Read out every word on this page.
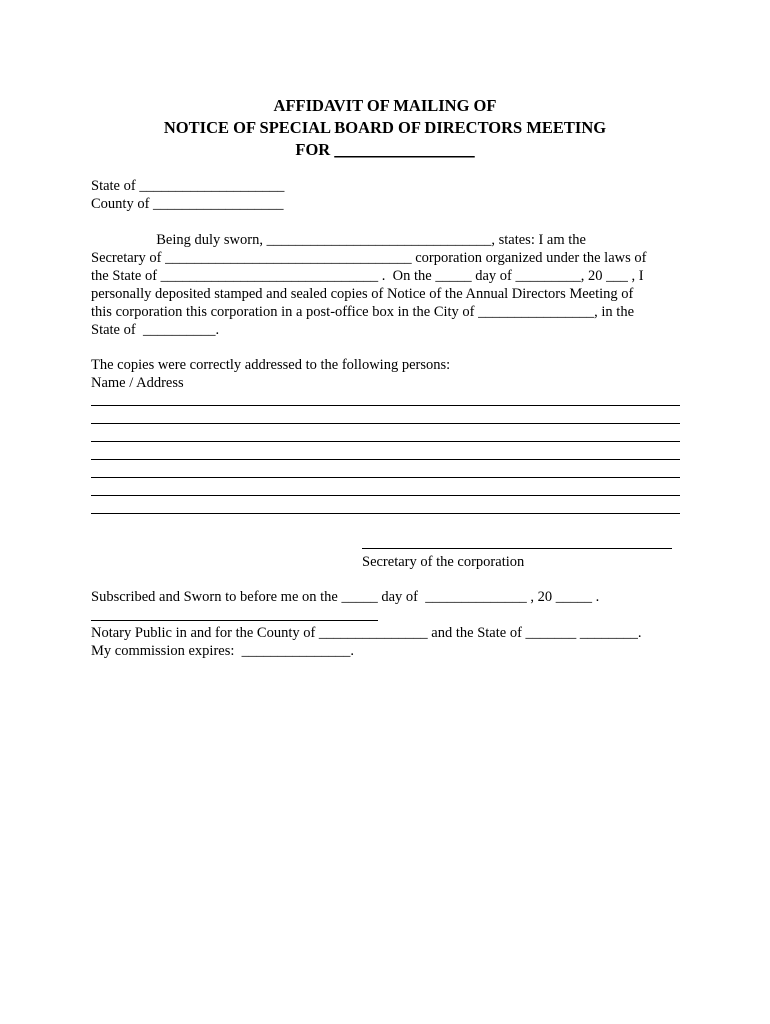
AFFIDAVIT OF MAILING OF
NOTICE OF SPECIAL BOARD OF DIRECTORS MEETING
FOR _________________
State of ____________________
County of __________________
Being duly sworn, _______________________________, states: I am the
Secretary of __________________________________ corporation organized under the laws of
the State of ______________________________ .  On the _____ day of _________, 20 ___ , I
personally deposited stamped and sealed copies of Notice of the Annual Directors Meeting of
this corporation this corporation in a post-office box in the City of ________________, in the
State of  __________.
The copies were correctly addressed to the following persons:
Name / Address
Secretary of the corporation
Subscribed and Sworn to before me on the _____ day of  ______________ , 20 _____ .
Notary Public in and for the County of _______________ and the State of _______ ________.
My commission expires:  _______________.
